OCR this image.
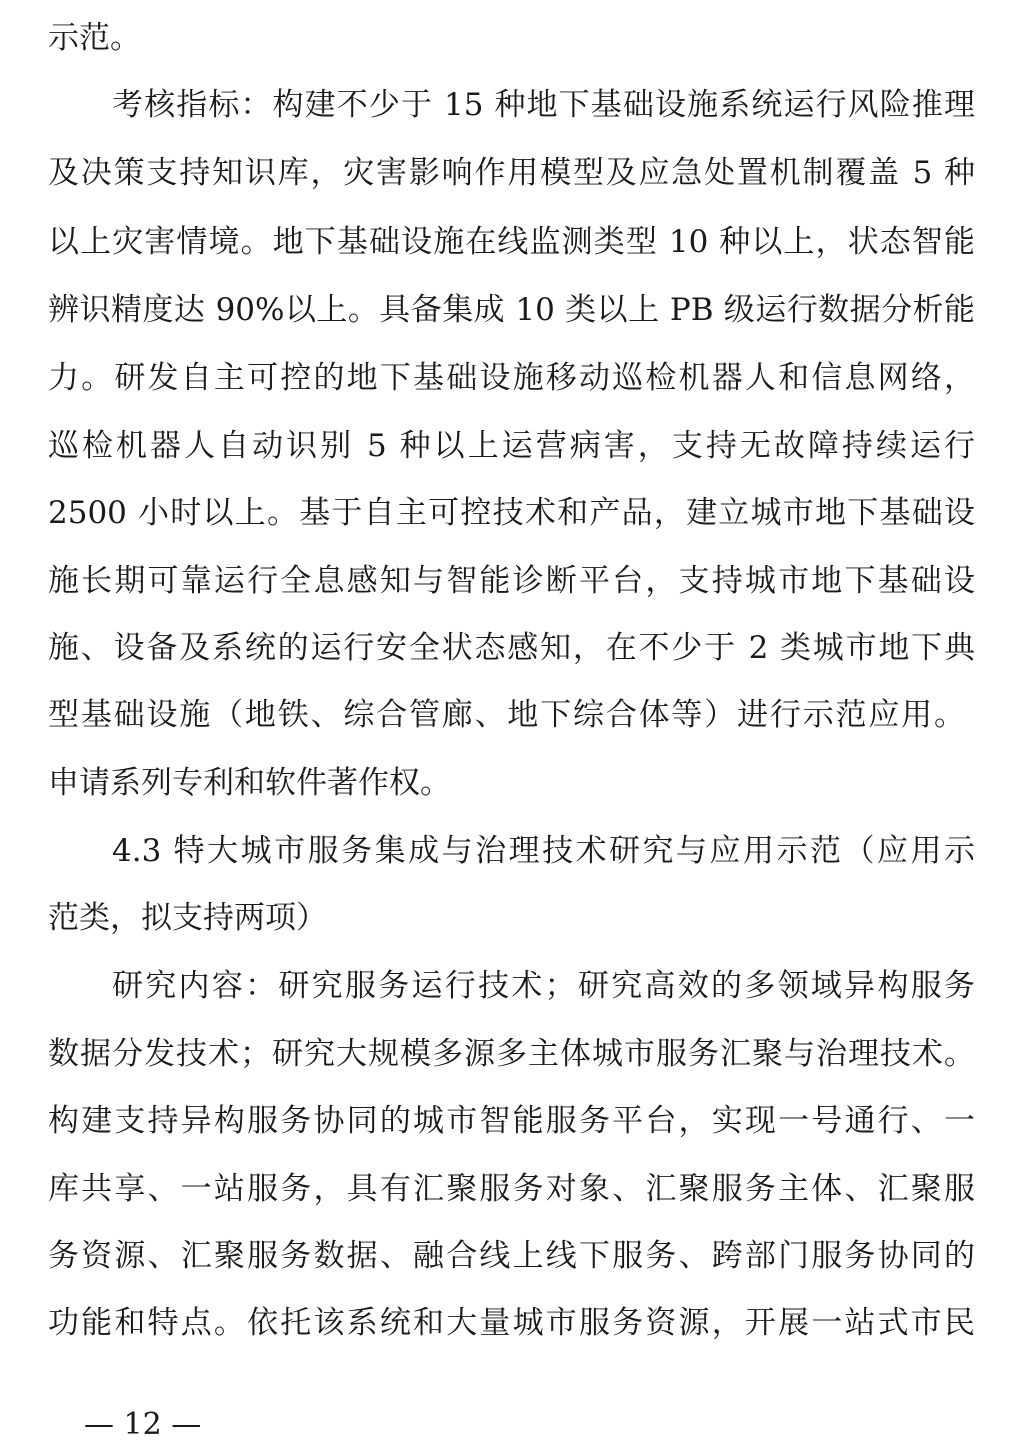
示范。
考核指标：构建不少于 15 种地下基础设施系统运行风险推理
及决策支持知识库，灾害影响作用模型及应急处置机制覆盖 5 种
以上灾害情境。地下基础设施在线监测类型 10 种以上，状态智能
辨识精度达 90%以上。具备集成 10 类以上 PB 级运行数据分析能
力。研发自主可控的地下基础设施移动巡检机器人和信息网络，
巡检机器人自动识别 5 种以上运营病害，支持无故障持续运行
2500 小时以上。基于自主可控技术和产品，建立城市地下基础设
施长期可靠运行全息感知与智能诊断平台，支持城市地下基础设
施、设备及系统的运行安全状态感知，在不少于 2 类城市地下典
型基础设施（地铁、综合管廊、地下综合体等）进行示范应用。
申请系列专利和软件著作权。
4.3 特大城市服务集成与治理技术研究与应用示范（应用示
范类，拟支持两项）
研究内容：研究服务运行技术；研究高效的多领域异构服务
数据分发技术；研究大规模多源多主体城市服务汇聚与治理技术。
构建支持异构服务协同的城市智能服务平台，实现一号通行、一
库共享、一站服务，具有汇聚服务对象、汇聚服务主体、汇聚服
务资源、汇聚服务数据、融合线上线下服务、跨部门服务协同的
功能和特点。依托该系统和大量城市服务资源，开展一站式市民
— 12 —
